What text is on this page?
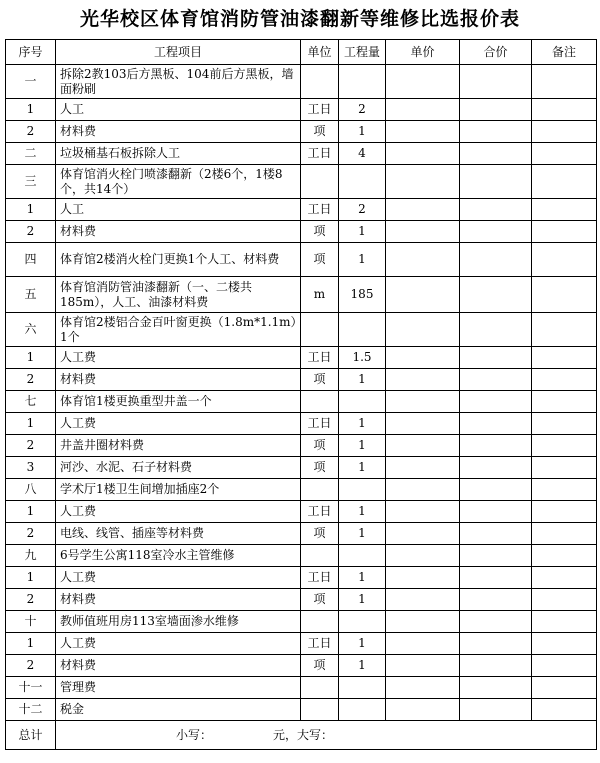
光华校区体育馆消防管油漆翻新等维修比选报价表
序号	工程项目	单位	工程量	单价	合价	备注
一	拆除2教103后方黑板、104前后方黑板，墙面粉刷					
1	人工	工日	2			
2	材料费	项	1			
二	垃圾桶基石板拆除人工	工日	4			
三	体育馆消火栓门喷漆翻新（2楼6个，1楼8个，共14个）					
1	人工	工日	2			
2	材料费	项	1			
四	体育馆2楼消火栓门更换1个人工、材料费	项	1			
五	体育馆消防管油漆翻新（一、二楼共185m），人工、油漆材料费	m	185			
六	体育馆2楼铝合金百叶窗更换（1.8m*1.1m）1个					
1	人工费	工日	1.5			
2	材料费	项	1			
七	体育馆1楼更换重型井盖一个					
1	人工费	工日	1			
2	井盖井圈材料费	项	1			
3	河沙、水泥、石子材料费	项	1			
八	学术厅1楼卫生间增加插座2个					
1	人工费	工日	1			
2	电线、线管、插座等材料费	项	1			
九	6号学生公寓118室冷水主管维修					
1	人工费	工日	1			
2	材料费	项	1			
十	教师值班用房113室墙面渗水维修					
1	人工费	工日	1			
2	材料费	项	1			
十一	管理费					
十二	税金					
总计	小写：                元，大写：					
